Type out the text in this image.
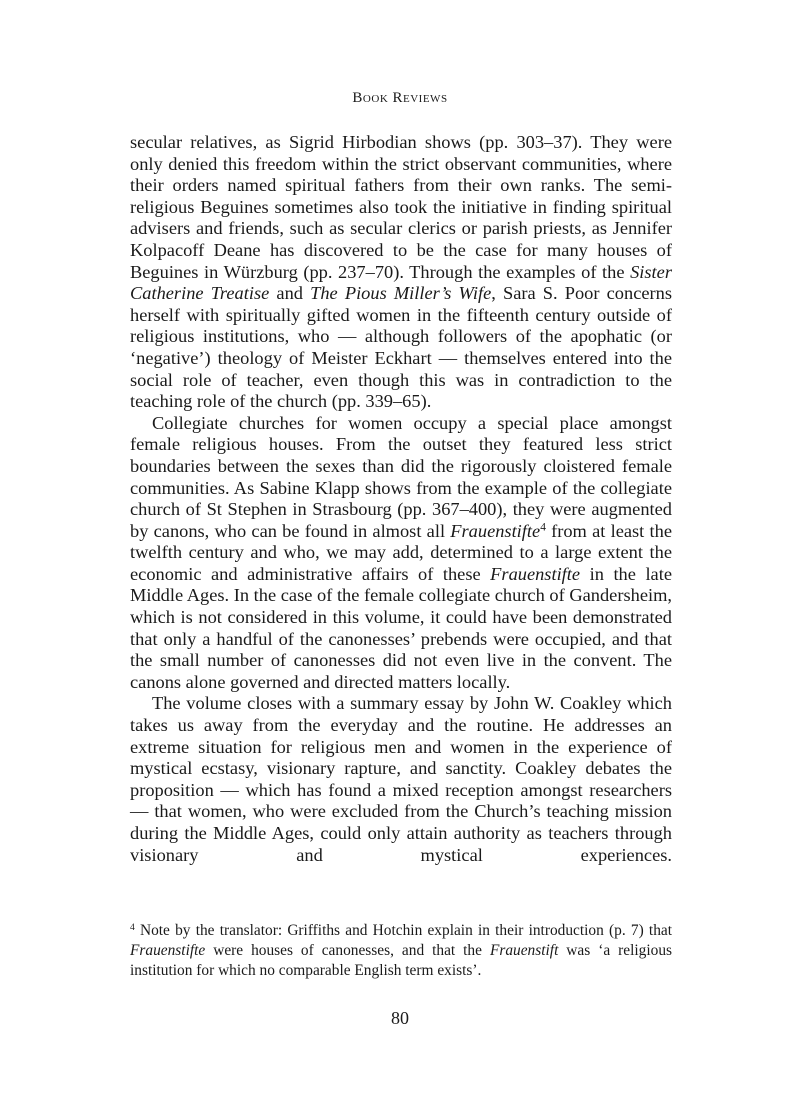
Book Reviews

secular relatives, as Sigrid Hirbodian shows (pp. 303–37). They were only denied this freedom within the strict observant communities, where their orders named spiritual fathers from their own ranks. The semi-religious Beguines sometimes also took the initiative in finding spiritual advisers and friends, such as secular clerics or parish priests, as Jennifer Kolpacoff Deane has discovered to be the case for many houses of Beguines in Würzburg (pp. 237–70). Through the examples of the Sister Catherine Treatise and The Pious Miller’s Wife, Sara S. Poor concerns herself with spiritually gifted women in the fifteenth century outside of religious institutions, who — although followers of the apophatic (or ‘negative’) theology of Meister Eckhart — themselves entered into the social role of teacher, even though this was in contradiction to the teaching role of the church (pp. 339–65).

Collegiate churches for women occupy a special place amongst female religious houses. From the outset they featured less strict boundaries between the sexes than did the rigorously cloistered female communities. As Sabine Klapp shows from the example of the collegiate church of St Stephen in Strasbourg (pp. 367–400), they were augmented by canons, who can be found in almost all Frauenstifte$^4$ from at least the twelfth century and who, we may add, determined to a large extent the economic and administrative affairs of these Frauenstifte in the late Middle Ages. In the case of the female collegiate church of Gandersheim, which is not considered in this volume, it could have been demonstrated that only a handful of the canonesses’ prebends were occupied, and that the small number of canonesses did not even live in the convent. The canons alone governed and directed matters locally.

The volume closes with a summary essay by John W. Coakley which takes us away from the everyday and the routine. He addresses an extreme situation for religious men and women in the experience of mystical ecstasy, visionary rapture, and sanctity. Coakley debates the proposition — which has found a mixed reception amongst researchers — that women, who were excluded from the Church’s teaching mission during the Middle Ages, could only attain authority as teachers through visionary and mystical experiences.

$^4$ Note by the translator: Griffiths and Hotchin explain in their introduction (p. 7) that Frauenstifte were houses of canonesses, and that the Frauenstift was ‘a religious institution for which no comparable English term exists’.

80
